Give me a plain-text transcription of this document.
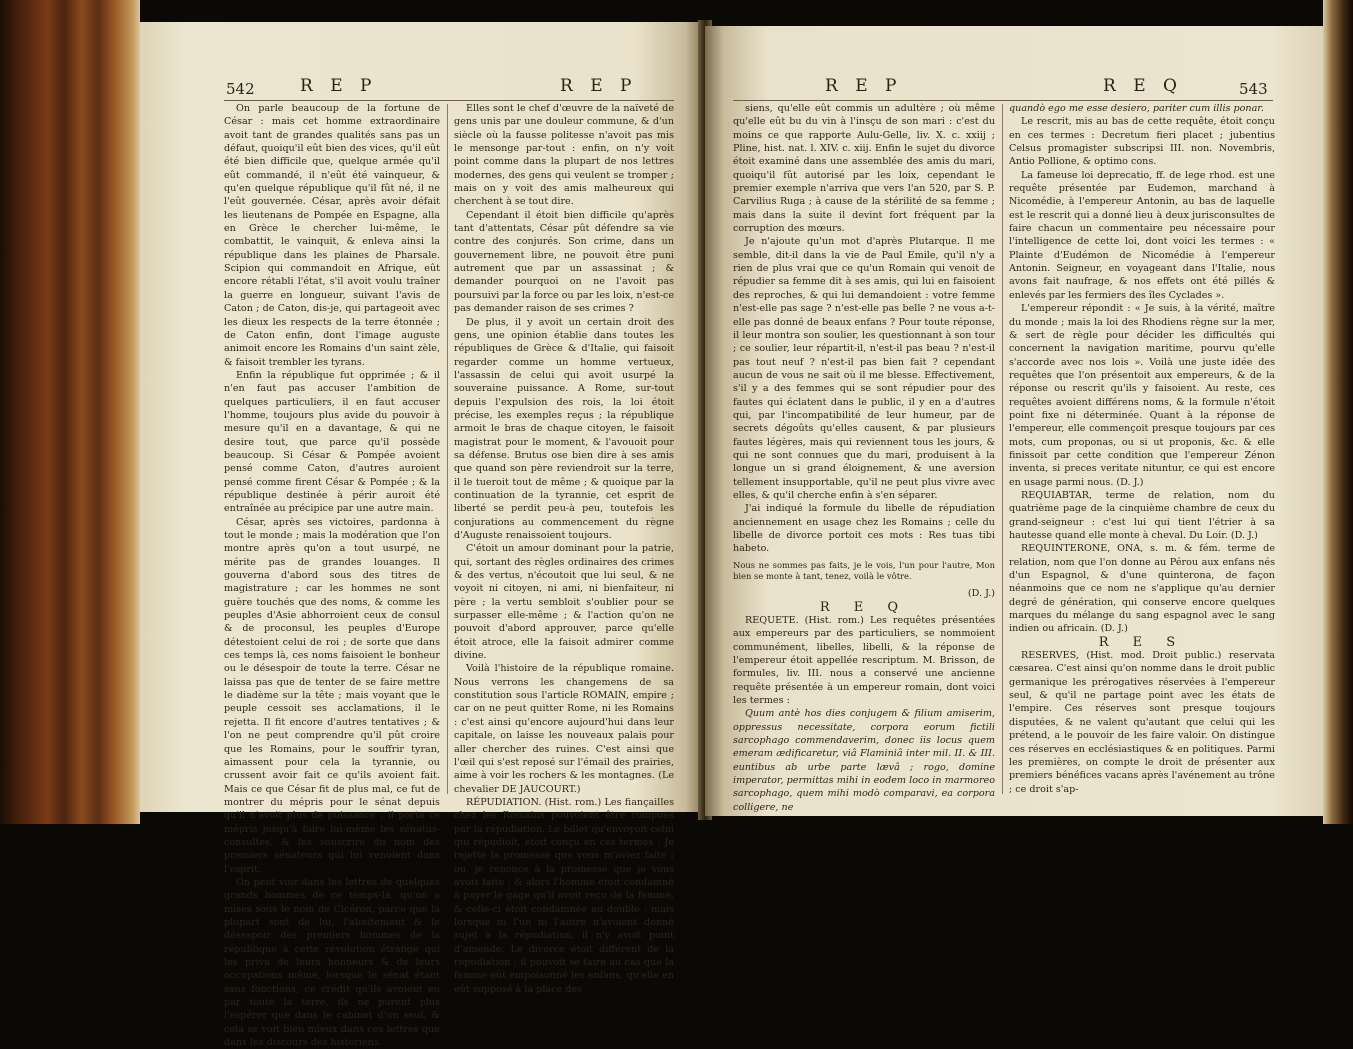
542	R E P	R E P

On parle beaucoup de la fortune de César : mais cet homme extraordinaire avoit tant de grandes qualités sans pas un défaut, quoiqu'il eût bien des vices, qu'il eût été bien difficile que, quelque armée qu'il eût commandé, il n'eût été vainqueur, & qu'en quelque république qu'il fût né, il ne l'eût gouvernée. César, après avoir défait les lieutenans de Pompée en Espagne, alla en Grèce le chercher lui-même, le combattit, le vainquit, & enleva ainsi la république dans les plaines de Pharsale. Scipion qui commandoit en Afrique, eût encore rétabli l'état, s'il avoit voulu traîner la guerre en longueur, suivant l'avis de Caton ; de Caton, dis-je, qui partageoit avec les dieux les respects de la terre étonnée ; de Caton enfin, dont l'image auguste animoit encore les Romains d'un saint zèle, & faisoit trembler les tyrans.

Enfin la république fut opprimée ; & il n'en faut pas accuser l'ambition de quelques particuliers, il en faut accuser l'homme, toujours plus avide du pouvoir à mesure qu'il en a davantage, & qui ne desire tout, que parce qu'il possède beaucoup. Si César & Pompée avoient pensé comme Caton, d'autres auroient pensé comme firent César & Pompée ; & la république destinée à périr auroit été entraînée au précipice par une autre main.

César, après ses victoires, pardonna à tout le monde ; mais la modération que l'on montre après qu'on a tout usurpé, ne mérite pas de grandes louanges. Il gouverna d'abord sous des titres de magistrature ; car les hommes ne sont guère touchés que des noms, & comme les peuples d'Asie abhorroient ceux de consul & de proconsul, les peuples d'Europe détestoient celui de roi ; de sorte que dans ces temps là, ces noms faisoient le bonheur ou le désespoir de toute la terre. César ne laissa pas que de tenter de se faire mettre le diadème sur la tête ; mais voyant que le peuple cessoit ses acclamations, il le rejetta. Il fit encore d'autres tentatives ; & l'on ne peut comprendre qu'il pût croire que les Romains, pour le souffrir tyran, aimassent pour cela la tyrannie, ou crussent avoir fait ce qu'ils avoient fait. Mais ce que César fit de plus mal, ce fut de montrer du mépris pour le sénat depuis qu'il n'avoit plus de puissance ; il porta ce mépris jusqu'à faire lui-même les sénatus-consultes, & les souscrire du nom des premiers sénateurs qui lui venoient dans l'esprit.

On peut voir dans les lettres de quelques grands hommes de ce temps-là, qu'on a mises sous le nom de Cicéron, parce que la plupart sont de lui, l'abattement & le désespoir des premiers hommes de la république à cette révolution étrange qui les priva de leurs honneurs & de leurs occupations même, lorsque le sénat étant sans fonctions, ce crédit qu'ils avoient eu par toute la terre, ils ne purent plus l'espérer que dans le cabinet d'un seul, & cela se voit bien mieux dans ces lettres que dans les discours des historiens.

Elles sont le chef d'œuvre de la naïveté de gens unis par une douleur commune, & d'un siècle où la fausse politesse n'avoit pas mis le mensonge par-tout : enfin, on n'y voit point comme dans la plupart de nos lettres modernes, des gens qui veulent se tromper ; mais on y voit des amis malheureux qui cherchent à se tout dire.

Cependant il étoit bien difficile qu'après tant d'attentats, César pût défendre sa vie contre des conjurés. Son crime, dans un gouvernement libre, ne pouvoit être puni autrement que par un assassinat ; & demander pourquoi on ne l'avoit pas poursuivi par la force ou par les loix, n'est-ce pas demander raison de ses crimes ?

De plus, il y avoit un certain droit des gens, une opinion établie dans toutes les républiques de Grèce & d'Italie, qui faisoit regarder comme un homme vertueux, l'assassin de celui qui avoit usurpé la souveraine puissance. A Rome, sur-tout depuis l'expulsion des rois, la loi étoit précise, les exemples reçus ; la république armoit le bras de chaque citoyen, le faisoit magistrat pour le moment, & l'avouoit pour sa défense. Brutus ose bien dire à ses amis que quand son père reviendroit sur la terre, il le tueroit tout de même ; & quoique par la continuation de la tyrannie, cet esprit de liberté se perdit peu-à peu, toutefois les conjurations au commencement du règne d'Auguste renaissoient toujours.

C'étoit un amour dominant pour la patrie, qui, sortant des règles ordinaires des crimes & des vertus, n'écoutoit que lui seul, & ne voyoit ni citoyen, ni ami, ni bienfaiteur, ni père ; la vertu sembloit s'oublier pour se surpasser elle-même ; & l'action qu'on ne pouvoit d'abord approuver, parce qu'elle étoit atroce, elle la faisoit admirer comme divine.

Voilà l'histoire de la république romaine. Nous verrons les changemens de sa constitution sous l'article ROMAIN, empire ; car on ne peut quitter Rome, ni les Romains : c'est ainsi qu'encore aujourd'hui dans leur capitale, on laisse les nouveaux palais pour aller chercher des ruines. C'est ainsi que l'œil qui s'est reposé sur l'émail des prairies, aime à voir les rochers & les montagnes. (Le chevalier DE JAUCOURT.)

RÉPUDIATION. (Hist. rom.) Les fiançailles chez les Romains pouvoient être rompues par la répudiation. Le billet qu'envoyoit celui qui répudioit, étoit conçu en ces termes : Je rejette la promesse que vous m'aviez faite ; ou, je renonce à la promesse que je vous avois faite : & alors l'homme étoit condamné à payer le gage qu'il avoit reçu de la femme, & celle-ci étoit condamnée au double ; mais lorsque ni l'un ni l'autre n'avoient donné sujet à la répudiation, il n'y avoit point d'amende. Le divorce étoit différent de la répudiation ; il pouvoit se faire au cas que la femme eût empoisonné les enfans, qu'elle en eût supposé à la place des

R E P	R E Q	543

siens, qu'elle eût commis un adultère ; où même qu'elle eût bu du vin à l'insçu de son mari : c'est du moins ce que rapporte Aulu-Gelle, liv. X. c. xxiij ; Pline, hist. nat. l. XIV. c. xiij. Enfin le sujet du divorce étoit examiné dans une assemblée des amis du mari, quoiqu'il fût autorisé par les loix, cependant le premier exemple n'arriva que vers l'an 520, par S. P. Carvilius Ruga ; à cause de la stérilité de sa femme ; mais dans la suite il devint fort fréquent par la corruption des mœurs.

Je n'ajoute qu'un mot d'après Plutarque. Il me semble, dit-il dans la vie de Paul Emile, qu'il n'y a rien de plus vrai que ce qu'un Romain qui venoit de répudier sa femme dit à ses amis, qui lui en faisoient des reproches, & qui lui demandoient : votre femme n'est-elle pas sage ? n'est-elle pas belle ? ne vous a-t-elle pas donné de beaux enfans ? Pour toute réponse, il leur montra son soulier, les questionnant à son tour ; ce soulier, leur répartit-il, n'est-il pas beau ? n'est-il pas tout neuf ? n'est-il pas bien fait ? cependant aucun de vous ne sait où il me blesse. Effectivement, s'il y a des femmes qui se sont répudier pour des fautes qui éclatent dans le public, il y en a d'autres qui, par l'incompatibilité de leur humeur, par de secrets dégoûts qu'elles causent, & par plusieurs fautes légères, mais qui reviennent tous les jours, & qui ne sont connues que du mari, produisent à la longue un si grand éloignement, & une aversion tellement insupportable, qu'il ne peut plus vivre avec elles, & qu'il cherche enfin à s'en séparer.

J'ai indiqué la formule du libelle de répudiation anciennement en usage chez les Romains ; celle du libelle de divorce portoit ces mots : Res tuas tibi habeto.

Nous ne sommes pas faits, je le vois, l'un pour l'autre, Mon bien se monte à tant, tenez, voilà le vôtre.

(D. J.)

R E Q

REQUETE. (Hist. rom.) Les requêtes présentées aux empereurs par des particuliers, se nommoient communément, libelles, libelli, & la réponse de l'empereur étoit appellée rescriptum. M. Brisson, de formules, liv. III. nous a conservé une ancienne requête présentée à un empereur romain, dont voici les termes :

Quum antè hos dies conjugem & filium amiserim, oppressus necessitate, corpora eorum fictili sarcophago commendaverim, donec iis locus quem emeram ædificaretur, viâ Flaminiâ inter mil. II. & III. euntibus ab urbe parte lævâ ; rogo, domine imperator, permittas mihi in eodem loco in marmoreo sarcophago, quem mihi modò comparavi, ea corpora colligere, ne

quandò ego me esse desiero, pariter cum illis ponar.

Le rescrit, mis au bas de cette requête, étoit conçu en ces termes : Decretum fieri placet ; jubentius Celsus promagister subscripsi III. non. Novembris, Antio Pollione, & optimo cons.

La fameuse loi deprecatio, ff. de lege rhod. est une requête présentée par Eudemon, marchand à Nicomédie, à l'empereur Antonin, au bas de laquelle est le rescrit qui a donné lieu à deux jurisconsultes de faire chacun un commentaire peu nécessaire pour l'intelligence de cette loi, dont voici les termes : « Plainte d'Eudémon de Nicomédie à l'empereur Antonin. Seigneur, en voyageant dans l'Italie, nous avons fait naufrage, & nos effets ont été pillés & enlevés par les fermiers des îles Cyclades ».

L'empereur répondit : « Je suis, à la vérité, maître du monde ; mais la loi des Rhodiens règne sur la mer, & sert de règle pour décider les difficultés qui concernent la navigation maritime, pourvu qu'elle s'accorde avec nos lois ». Voilà une juste idée des requêtes que l'on présentoit aux empereurs, & de la réponse ou rescrit qu'ils y faisoient. Au reste, ces requêtes avoient différens noms, & la formule n'étoit point fixe ni déterminée. Quant à la réponse de l'empereur, elle commençoit presque toujours par ces mots, cum proponas, ou si ut proponis, &c. & elle finissoit par cette condition que l'empereur Zénon inventa, si preces veritate nituntur, ce qui est encore en usage parmi nous. (D. J.)

REQUIABTAR, terme de relation, nom du quatrième page de la cinquième chambre de ceux du grand-seigneur : c'est lui qui tient l'étrier à sa hautesse quand elle monte à cheval. Du Loir. (D. J.)

REQUINTERONE, ONA, s. m. & fém. terme de relation, nom que l'on donne au Pérou aux enfans nés d'un Espagnol, & d'une quinterona, de façon néanmoins que ce nom ne s'applique qu'au dernier degré de génération, qui conserve encore quelques marques du mélange du sang espagnol avec le sang indien ou africain. (D. J.)

R E S

RESERVES, (Hist. mod. Droit public.) reservata cæsarea. C'est ainsi qu'on nomme dans le droit public germanique les prérogatives réservées à l'empereur seul, & qu'il ne partage point avec les états de l'empire. Ces réserves sont presque toujours disputées, & ne valent qu'autant que celui qui les prétend, a le pouvoir de les faire valoir. On distingue ces réserves en ecclésiastiques & en politiques. Parmi les premières, on compte le droit de présenter aux premiers bénéfices vacans après l'avénement au trône ; ce droit s'ap-
